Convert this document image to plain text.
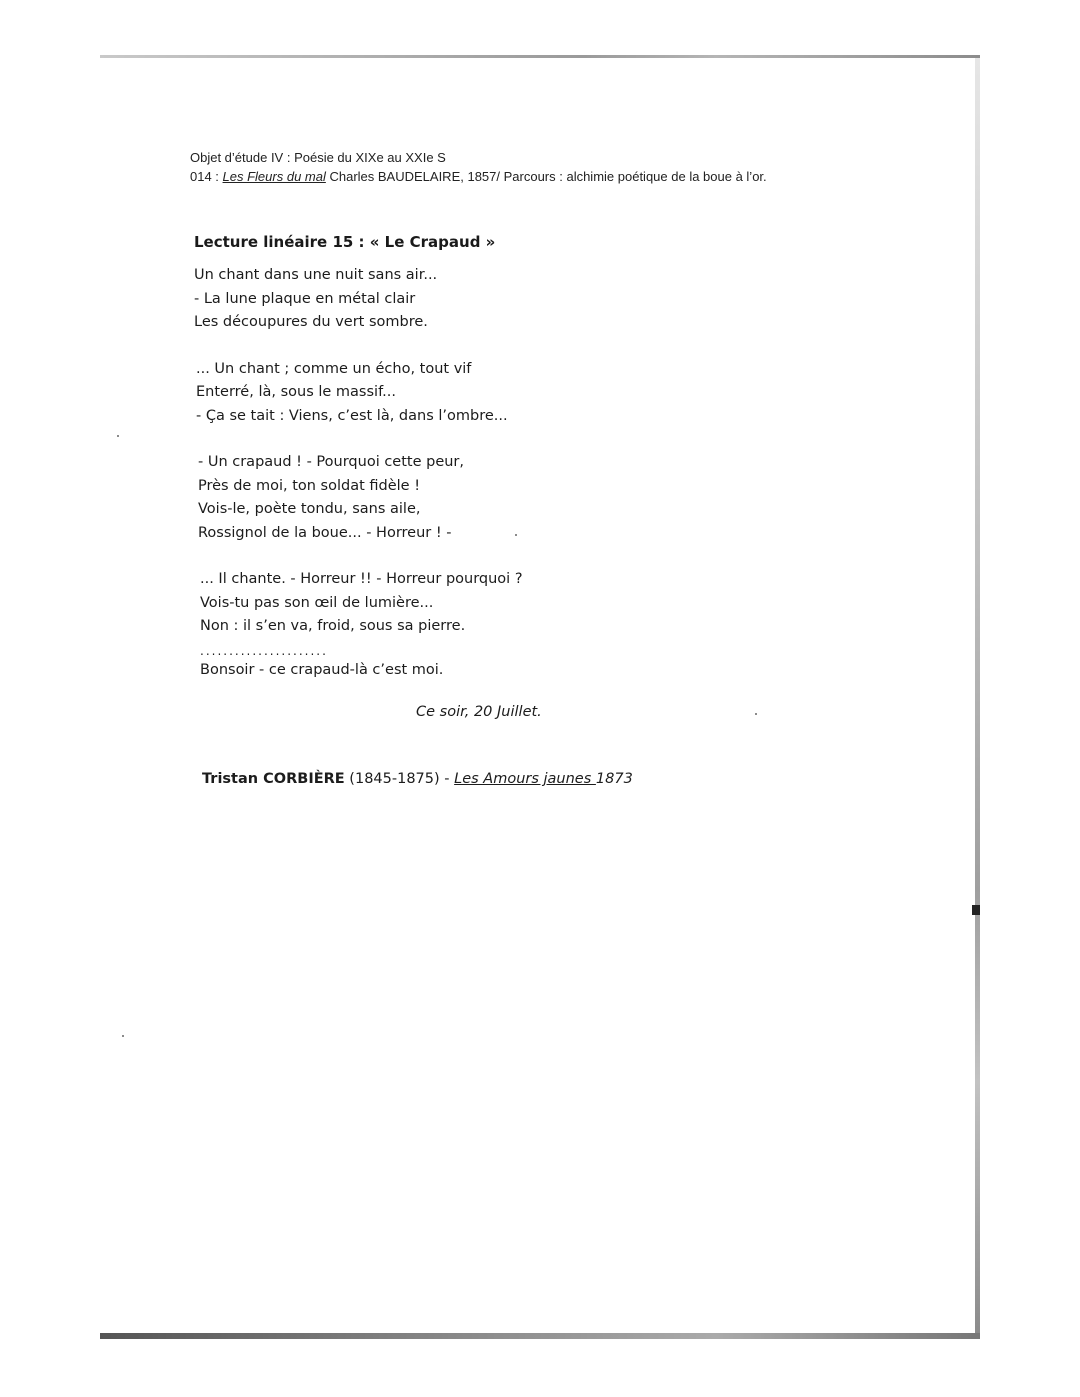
Objet d’étude IV : Poésie du XIXe au XXIe S
014 : Les Fleurs du mal Charles BAUDELAIRE, 1857/ Parcours : alchimie poétique de la boue à l’or.
Lecture linéaire 15 : « Le Crapaud »
Un chant dans une nuit sans air...
- La lune plaque en métal clair
Les découpures du vert sombre.
... Un chant ; comme un écho, tout vif
Enterré, là, sous le massif...
- Ça se tait : Viens, c’est là, dans l’ombre...
- Un crapaud ! - Pourquoi cette peur,
Près de moi, ton soldat fidèle !
Vois-le, poète tondu, sans aile,
Rossignol de la boue... - Horreur ! -
... Il chante. - Horreur !! - Horreur pourquoi ?
Vois-tu pas son œil de lumière...
Non : il s’en va, froid, sous sa pierre.
......................
Bonsoir - ce crapaud-là c’est moi.
Ce soir, 20 Juillet.
Tristan CORBIÈRE (1845-1875) - Les Amours jaunes 1873
